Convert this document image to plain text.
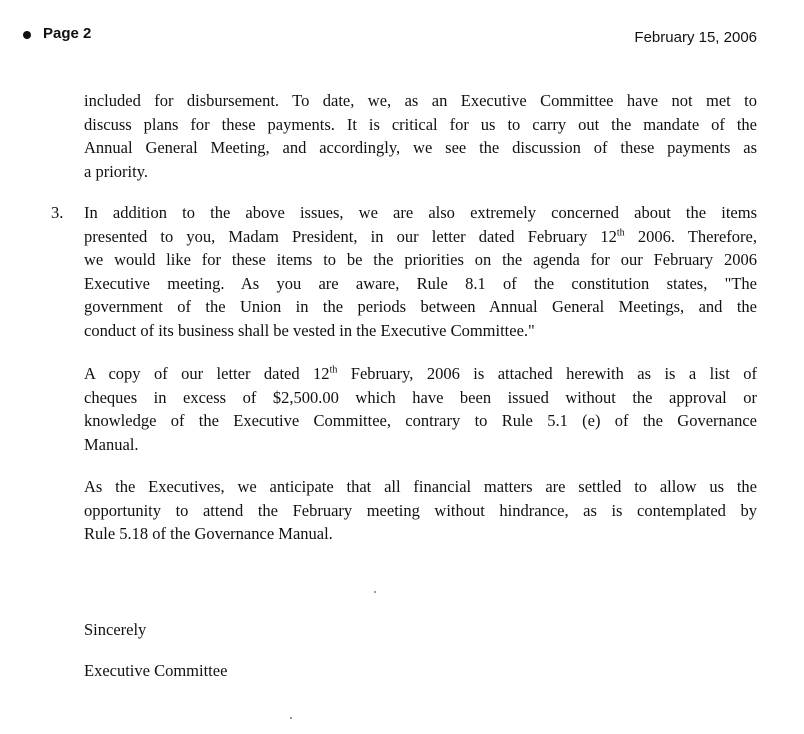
Page 2	February 15, 2006
included for disbursement. To date, we, as an Executive Committee have not met to
discuss plans for these payments. It is critical for us to carry out the mandate of the
Annual General Meeting, and accordingly, we see the discussion of these payments as
a priority.
3. In addition to the above issues, we are also extremely concerned about the items
presented to you, Madam President, in our letter dated February 12th 2006. Therefore,
we would like for these items to be the priorities on the agenda for our February 2006
Executive meeting. As you are aware, Rule 8.1 of the constitution states, "The
government of the Union in the periods between Annual General Meetings, and the
conduct of its business shall be vested in the Executive Committee."
A copy of our letter dated 12th February, 2006 is attached herewith as is a list of
cheques in excess of $2,500.00 which have been issued without the approval or
knowledge of the Executive Committee, contrary to Rule 5.1 (e) of the Governance
Manual.
As the Executives, we anticipate that all financial matters are settled to allow us the
opportunity to attend the February meeting without hindrance, as is contemplated by
Rule 5.18 of the Governance Manual.
Sincerely
Executive Committee
